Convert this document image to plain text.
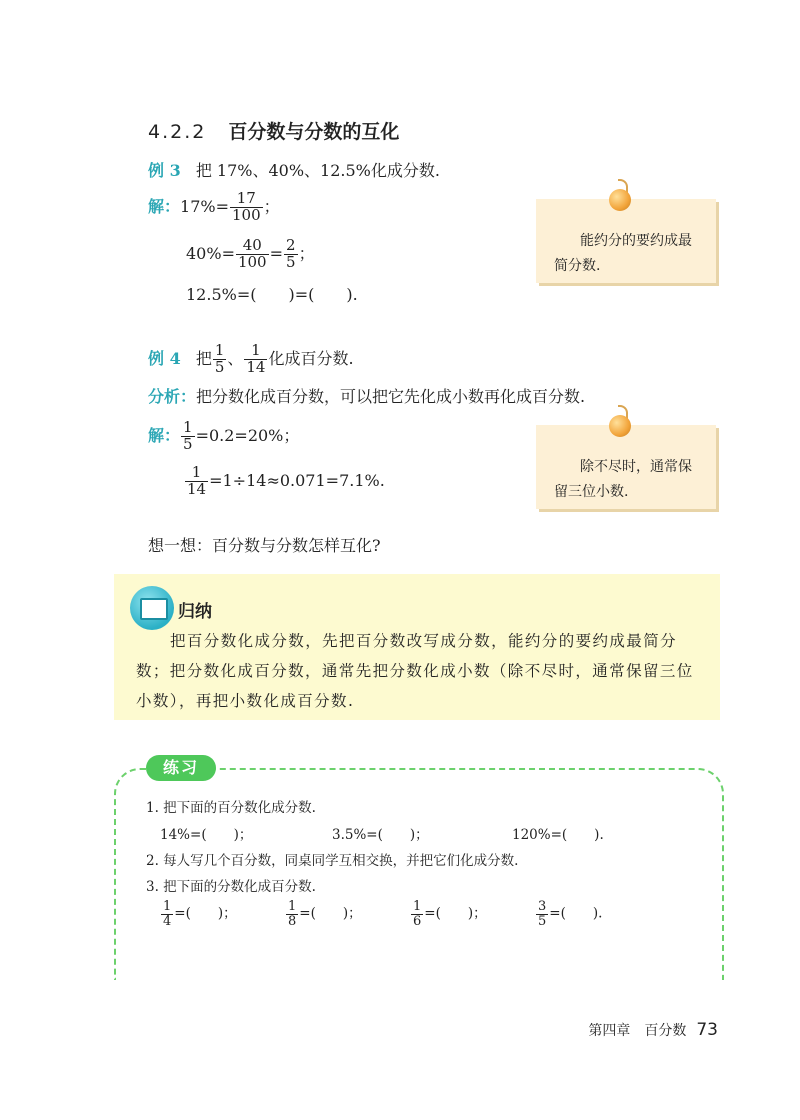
4.2.2 百分数与分数的互化
例 3 把 17%、40%、12.5%化成分数.
解：$17\%= \frac{17}{100}$ ；
$40\%= \frac{40}{100} = \frac{2}{5}$ ；
12.5%=(　　)=(　　).
能约分的要约成最简分数.
例 4 把 $\frac{1}{5}$ 、 $\frac{1}{14}$ 化成百分数.
分析：把分数化成百分数，可以把它先化成小数再化成百分数.
解： $\frac{1}{5} =0.2=20\%$；
$\frac{1}{14} =1\div 14\approx 0.071=7.1\%$.
除不尽时，通常保留三位小数.
想一想：百分数与分数怎样互化?
归纳
把百分数化成分数，先把百分数改写成分数，能约分的要约成最简分数；把分数化成百分数，通常先把分数化成小数（除不尽时，通常保留三位小数），再把小数化成百分数.
练习
1. 把下面的百分数化成分数.
14%=(　　)；	3.5%=(　　)；	120%=(　　).
2. 每人写几个百分数，同桌同学互相交换，并把它们化成分数.
3. 把下面的分数化成百分数.
$\frac{1}{4}$ =(　　)；	$\frac{1}{8}$ =(　　)；	$\frac{1}{6}$ =(　　)；	$\frac{3}{5}$ =(　　).
第四章　百分数 73
